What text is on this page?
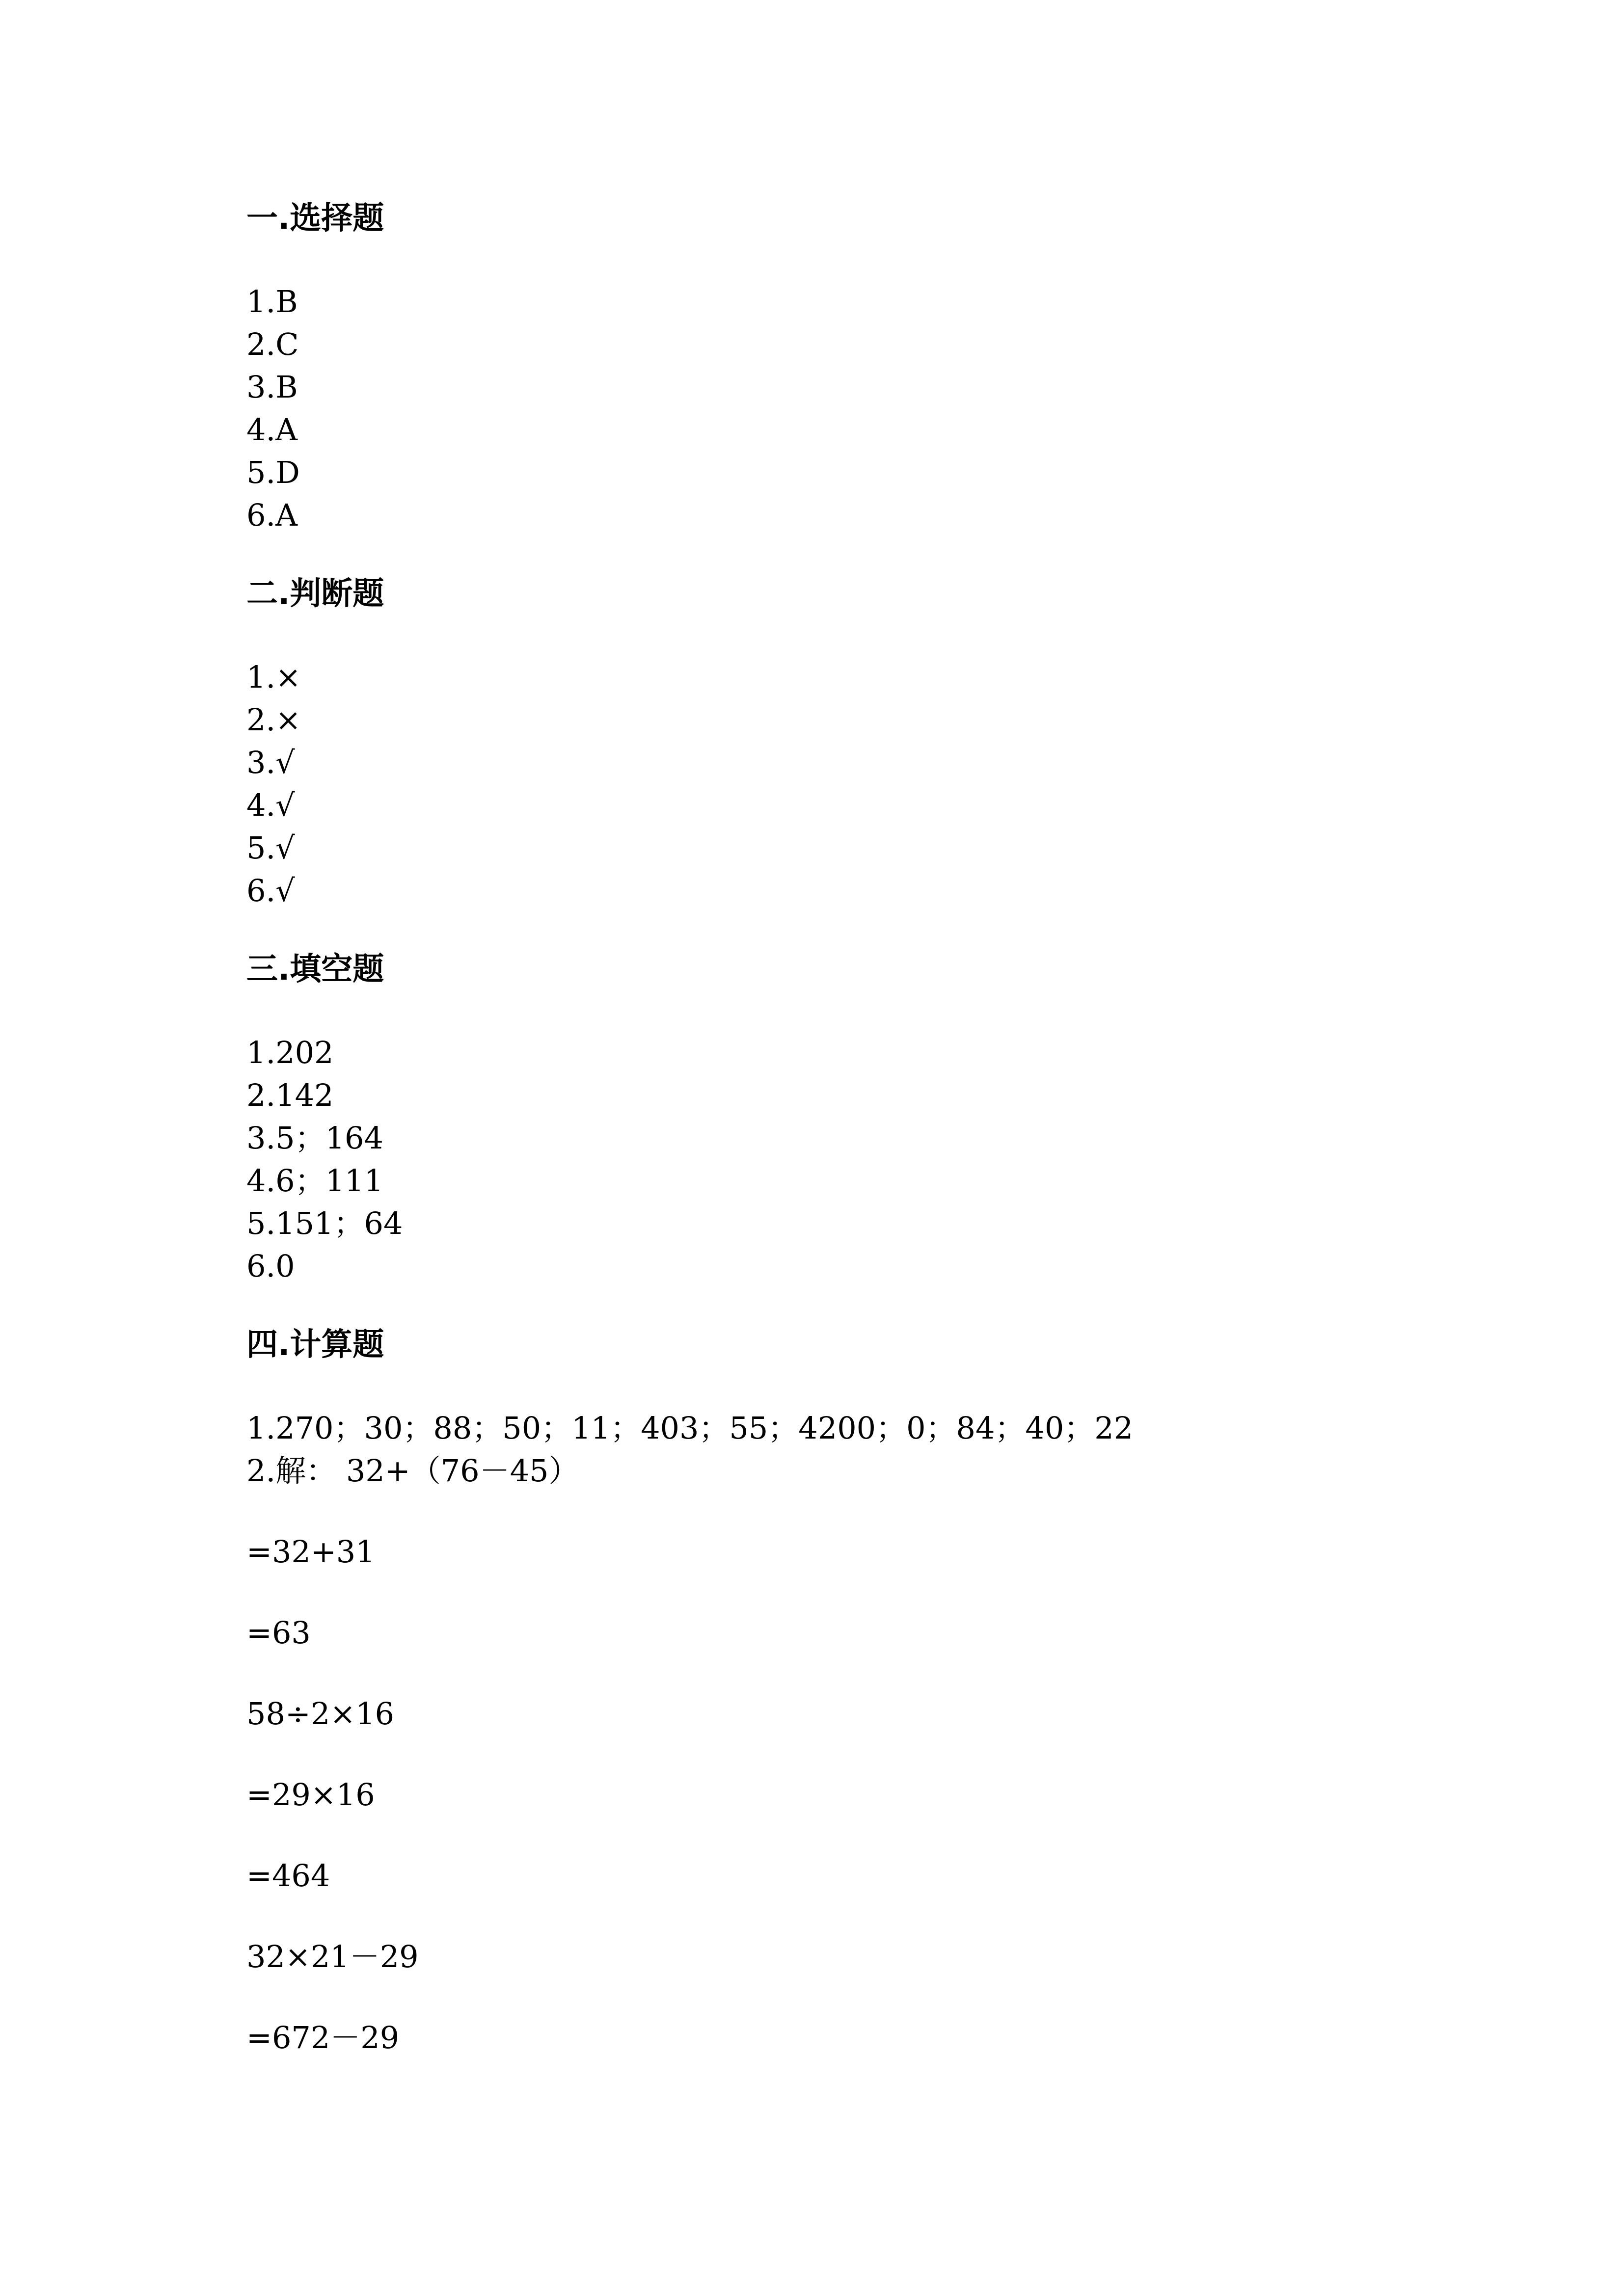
一.选择题
1.B
2.C
3.B
4.A
5.D
6.A
二.判断题
1.×
2.×
3.√
4.√
5.√
6.√
三.填空题
1.202
2.142
3.5；164
4.6；111
5.151；64
6.0
四.计算题
1.270；30；88；50；11；403；55；4200；0；84；40；22
2.解： 32+（76－45）
=32+31
=63
58÷2×16
=29×16
=464
32×21－29
=672－29
